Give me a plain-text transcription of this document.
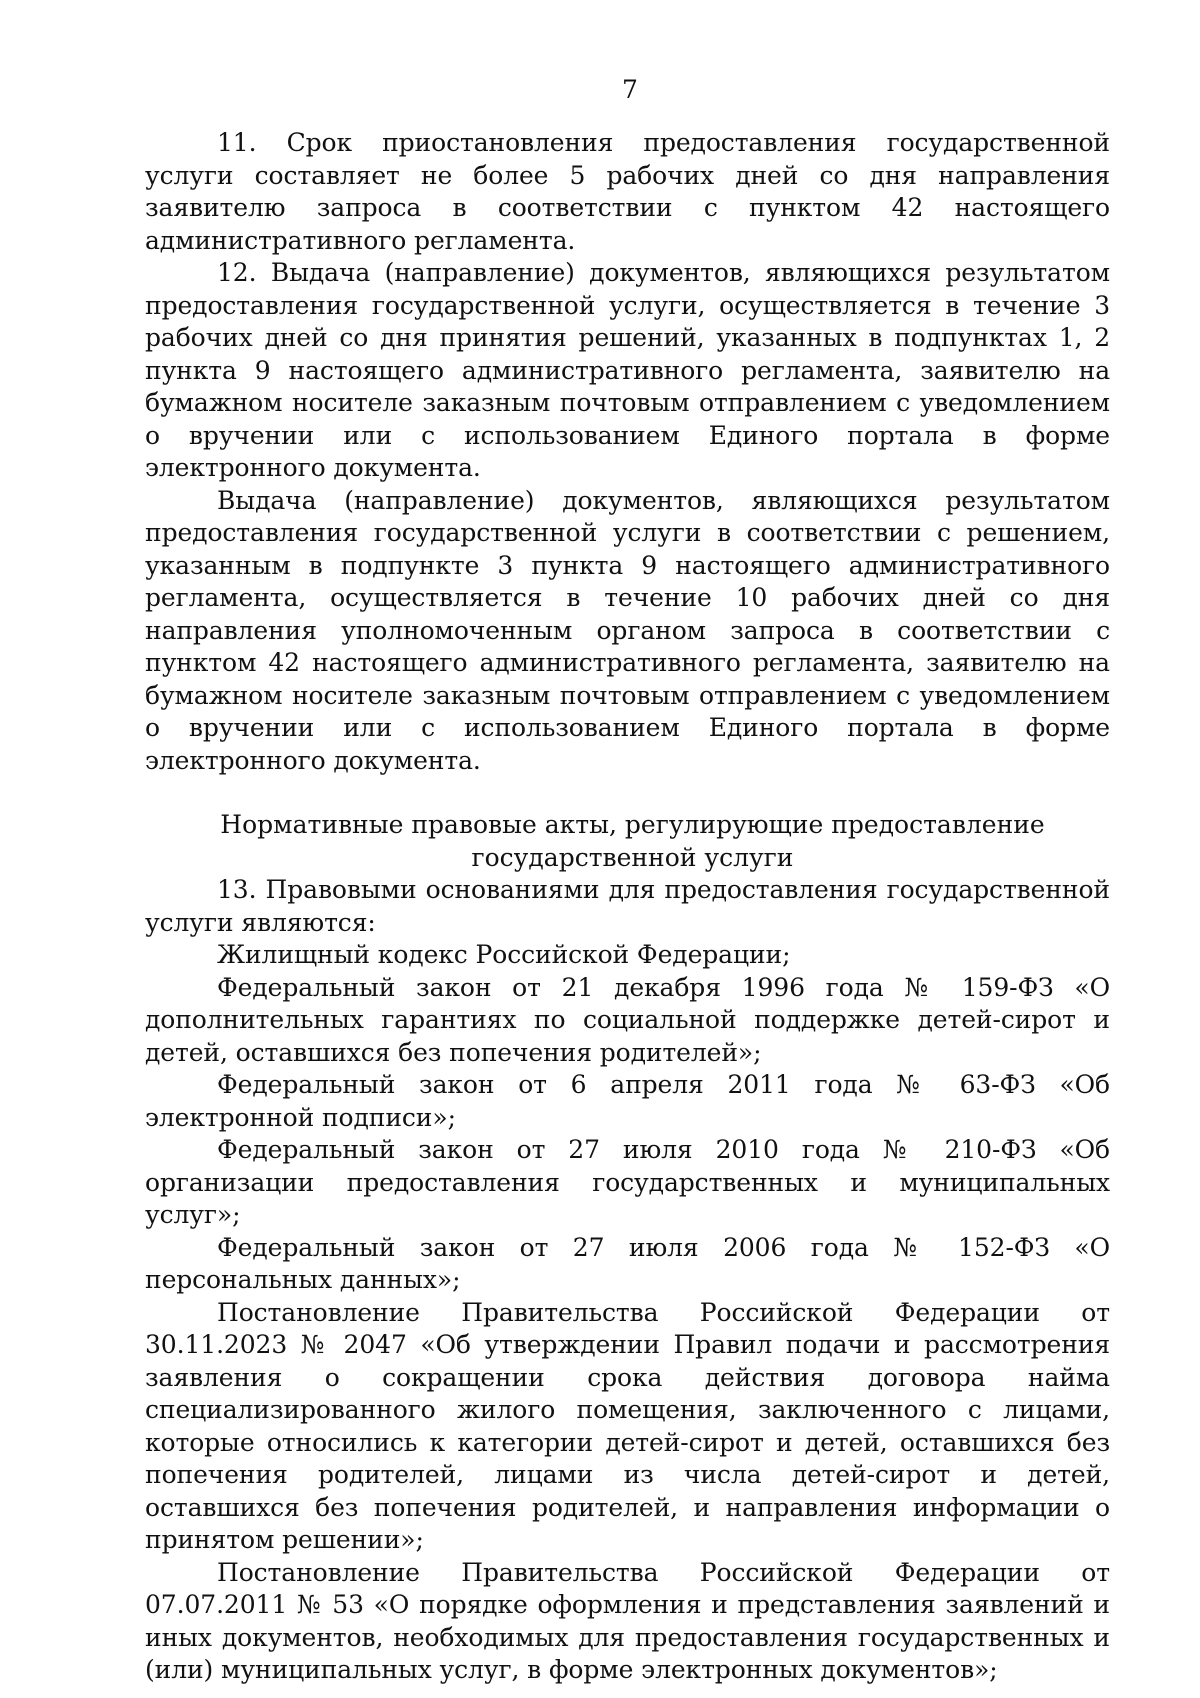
7

11. Срок приостановления предоставления государственной услуги составляет не более 5 рабочих дней со дня направления заявителю запроса в соответствии с пунктом 42 настоящего административного регламента.

12. Выдача (направление) документов, являющихся результатом предоставления государственной услуги, осуществляется в течение 3 рабочих дней со дня принятия решений, указанных в подпунктах 1, 2 пункта 9 настоящего административного регламента, заявителю на бумажном носителе заказным почтовым отправлением с уведомлением о вручении или с использованием Единого портала в форме электронного документа.

Выдача (направление) документов, являющихся результатом предоставления государственной услуги в соответствии с решением, указанным в подпункте 3 пункта 9 настоящего административного регламента, осуществляется в течение 10 рабочих дней со дня направления уполномоченным органом запроса в соответствии с пунктом 42 настоящего административного регламента, заявителю на бумажном носителе заказным почтовым отправлением с уведомлением о вручении или с использованием Единого портала в форме электронного документа.

Нормативные правовые акты, регулирующие предоставление
государственной услуги

13. Правовыми основаниями для предоставления государственной услуги являются:

Жилищный кодекс Российской Федерации;

Федеральный закон от 21 декабря 1996 года № 159-ФЗ «О дополнительных гарантиях по социальной поддержке детей-сирот и детей, оставшихся без попечения родителей»;

Федеральный закон от 6 апреля 2011 года № 63-ФЗ «Об электронной подписи»;

Федеральный закон от 27 июля 2010 года № 210-ФЗ «Об организации предоставления государственных и муниципальных услуг»;

Федеральный закон от 27 июля 2006 года № 152-ФЗ «О персональных данных»;

Постановление Правительства Российской Федерации от 30.11.2023 № 2047 «Об утверждении Правил подачи и рассмотрения заявления о сокращении срока действия договора найма специализированного жилого помещения, заключенного с лицами, которые относились к категории детей-сирот и детей, оставшихся без попечения родителей, лицами из числа детей-сирот и детей, оставшихся без попечения родителей, и направления информации о принятом решении»;

Постановление Правительства Российской Федерации от 07.07.2011 № 53 «О порядке оформления и представления заявлений и иных документов, необходимых для предоставления государственных и (или) муниципальных услуг, в форме электронных документов»;
